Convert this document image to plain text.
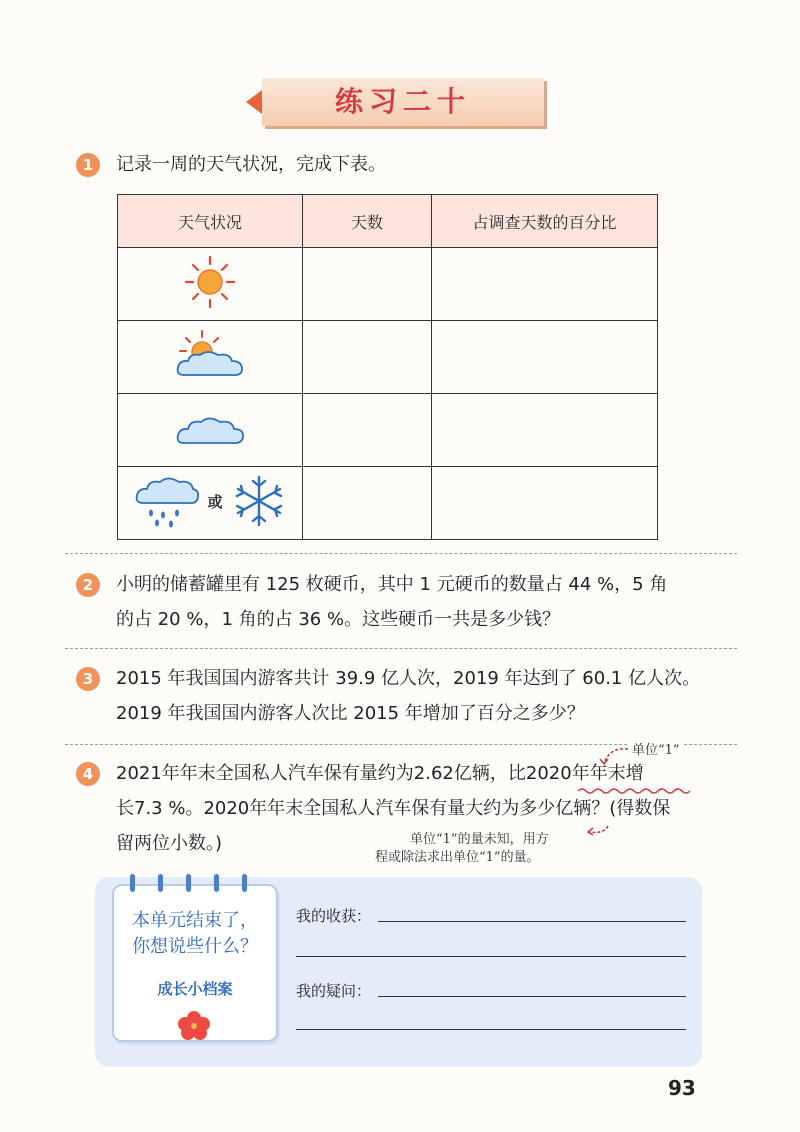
练习二十
1	记录一周的天气状况，完成下表。
天气状况	天数	占调查天数的百分比

或		

2	小明的储蓄罐里有 125 枚硬币，其中 1 元硬币的数量占 44 %，5 角
的占 20 %，1 角的占 36 %。这些硬币一共是多少钱？
3	2015 年我国国内游客共计 39.9 亿人次，2019 年达到了 60.1 亿人次。
2019 年我国国内游客人次比 2015 年增加了百分之多少？
单位“1”
4	2021年年末全国私人汽车保有量约为2.62亿辆，比2020年年末增
长7.3 %。2020年年末全国私人汽车保有量大约为多少亿辆？(得数保
留两位小数。)	单位“1”的量未知，用方
程或除法求出单位“1”的量。
本单元结束了，
你想说些什么？
成长小档案
我的收获：
我的疑问：
93
